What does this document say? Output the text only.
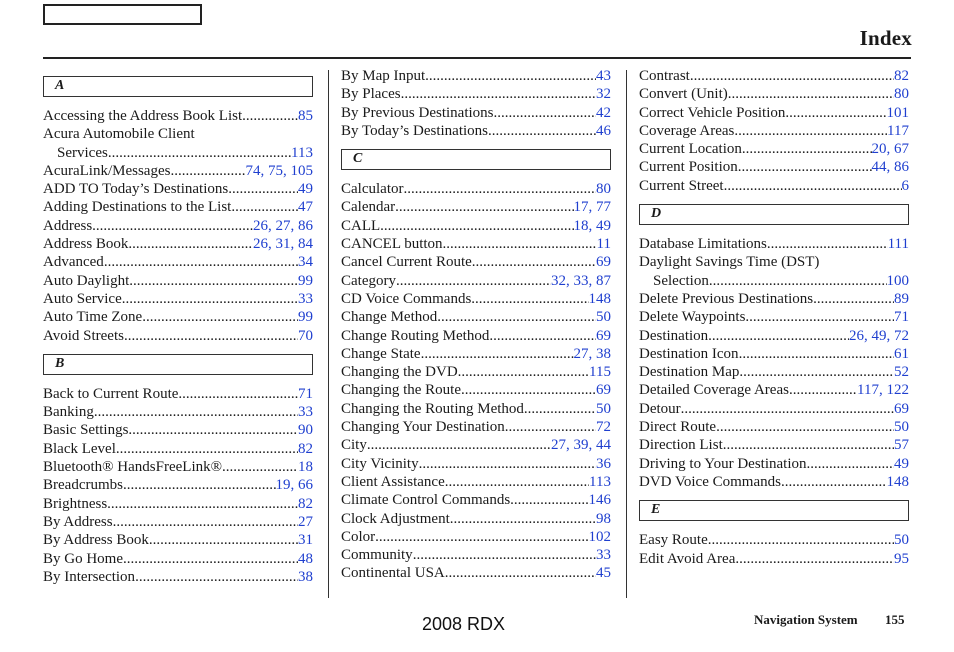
Index
A
Accessing the Address Book List .....	85
Acura Automobile Client
Services .....	113
AcuraLink/Messages .....	74, 75, 105
ADD TO Today’s Destinations .....	49
Adding Destinations to the List .....	47
Address .....	26, 27, 86
Address Book .....	26, 31, 84
Advanced .....	34
Auto Daylight .....	99
Auto Service .....	33
Auto Time Zone .....	99
Avoid Streets .....	70
B
Back to Current Route .....	71
Banking .....	33
Basic Settings .....	90
Black Level .....	82
Bluetooth® HandsFreeLink® .....	18
Breadcrumbs .....	19, 66
Brightness .....	82
By Address .....	27
By Address Book .....	31
By Go Home .....	48
By Intersection .....	38
By Map Input .....	43
By Places .....	32
By Previous Destinations .....	42
By Today’s Destinations .....	46
C
Calculator .....	80
Calendar .....	17, 77
CALL .....	18, 49
CANCEL button .....	11
Cancel Current Route .....	69
Category .....	32, 33, 87
CD Voice Commands .....	148
Change Method .....	50
Change Routing Method .....	69
Change State .....	27, 38
Changing the DVD .....	115
Changing the Route .....	69
Changing the Routing Method .....	50
Changing Your Destination .....	72
City .....	27, 39, 44
City Vicinity .....	36
Client Assistance .....	113
Climate Control Commands .....	146
Clock Adjustment .....	98
Color .....	102
Community .....	33
Continental USA .....	45
Contrast .....	82
Convert (Unit) .....	80
Correct Vehicle Position .....	101
Coverage Areas .....	117
Current Location .....	20, 67
Current Position .....	44, 86
Current Street .....	6
D
Database Limitations .....	111
Daylight Savings Time (DST)
Selection .....	100
Delete Previous Destinations .....	89
Delete Waypoints .....	71
Destination .....	26, 49, 72
Destination Icon .....	61
Destination Map .....	52
Detailed Coverage Areas .....	117, 122
Detour .....	69
Direct Route .....	50
Direction List .....	57
Driving to Your Destination .....	49
DVD Voice Commands .....	148
E
Easy Route .....	50
Edit Avoid Area .....	95
2008 RDX	Navigation System 155
